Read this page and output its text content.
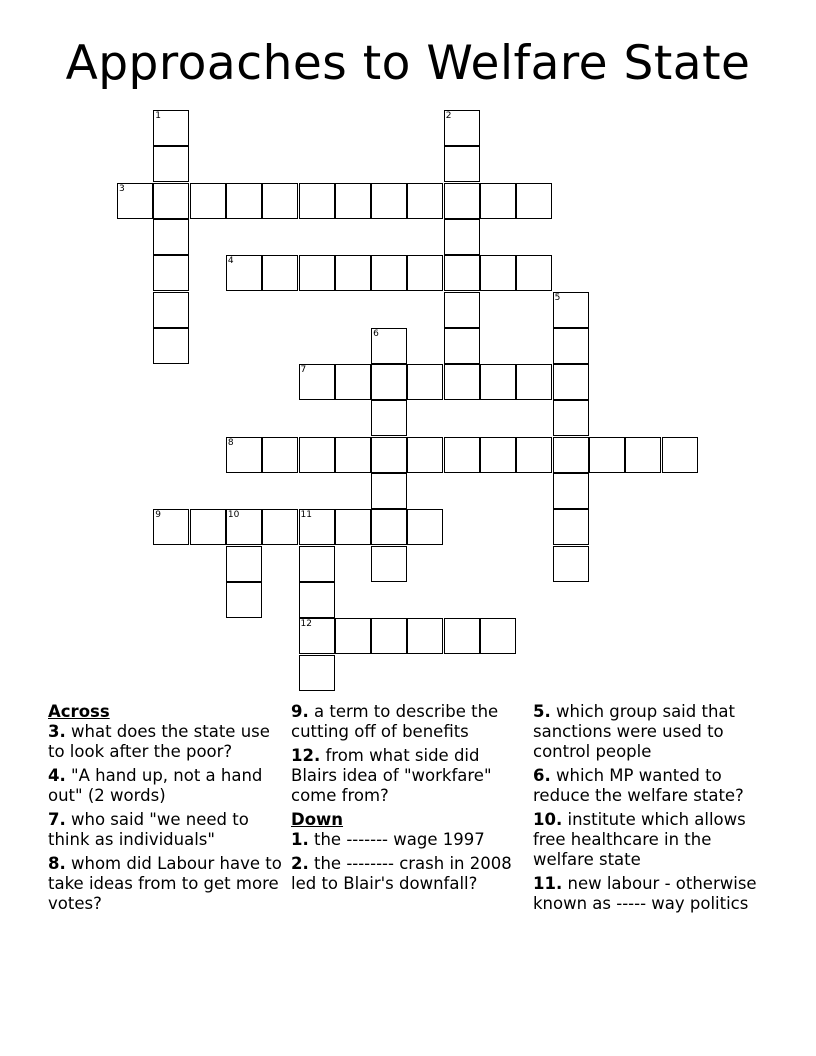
Approaches to Welfare State
1	2
3
4
5
6
7
8
9	10	11
12
Across
3. what does the state use to look after the poor?
4. "A hand up, not a hand out" (2 words)
7. who said "we need to think as individuals"
8. whom did Labour have to take ideas from to get more votes?
9. a term to describe the cutting off of benefits
12. from what side did Blairs idea of "workfare" come from?
Down
1. the ------- wage 1997
2. the -------- crash in 2008 led to Blair's downfall?
5. which group said that sanctions were used to control people
6. which MP wanted to reduce the welfare state?
10. institute which allows free healthcare in the welfare state
11. new labour - otherwise known as ----- way politics
